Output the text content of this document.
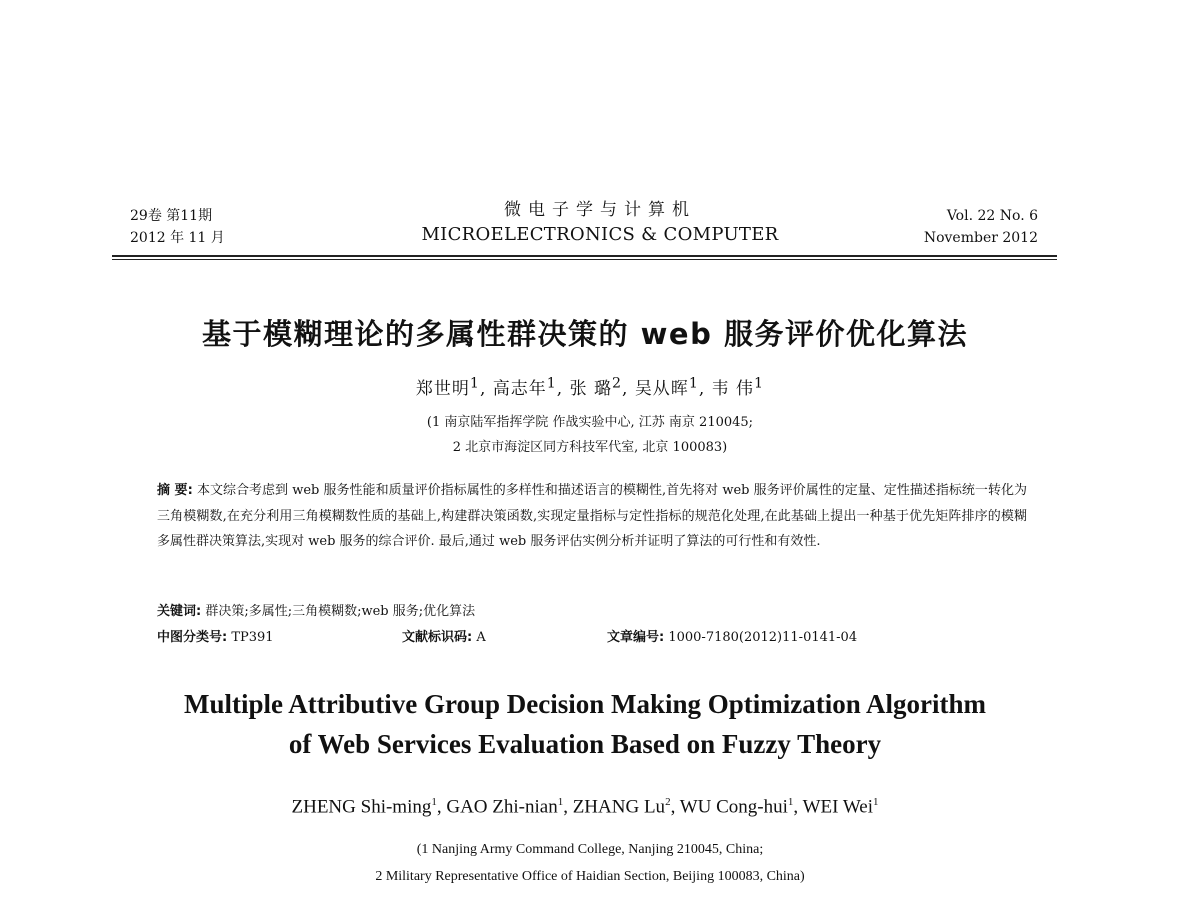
29卷 第11期
2012 年 11 月
微电子学与计算机
MICROELECTRONICS & COMPUTER
Vol. 22 No. 6
November 2012
基于模糊理论的多属性群决策的 web 服务评价优化算法
郑世明$^1$, 高志年$^1$, 张 璐$^2$, 吴从晖$^1$, 韦 伟$^1$
(1 南京陆军指挥学院 作战实验中心, 江苏 南京 210045;
2 北京市海淀区同方科技军代室, 北京 100083)
摘 要: 本文综合考虑到 web 服务性能和质量评价指标属性的多样性和描述语言的模糊性,首先将对 web 服务评价属性的定量、定性描述指标统一转化为三角模糊数,在充分利用三角模糊数性质的基础上,构建群决策函数,实现定量指标与定性指标的规范化处理,在此基础上提出一种基于优先矩阵排序的模糊多属性群决策算法,实现对 web 服务的综合评价. 最后,通过 web 服务评估实例分析并证明了算法的可行性和有效性.
关键词: 群决策;多属性;三角模糊数;web 服务;优化算法
中图分类号: TP391	文献标识码: A	文章编号: 1000-7180(2012)11-0141-04
Multiple Attributive Group Decision Making Optimization Algorithm
of Web Services Evaluation Based on Fuzzy Theory
ZHENG Shi-ming$^1$, GAO Zhi-nian$^1$, ZHANG Lu$^2$, WU Cong-hui$^1$, WEI Wei$^1$
(1 Nanjing Army Command College, Nanjing 210045, China;
2 Military Representative Office of Haidian Section, Beijing 100083, China)
